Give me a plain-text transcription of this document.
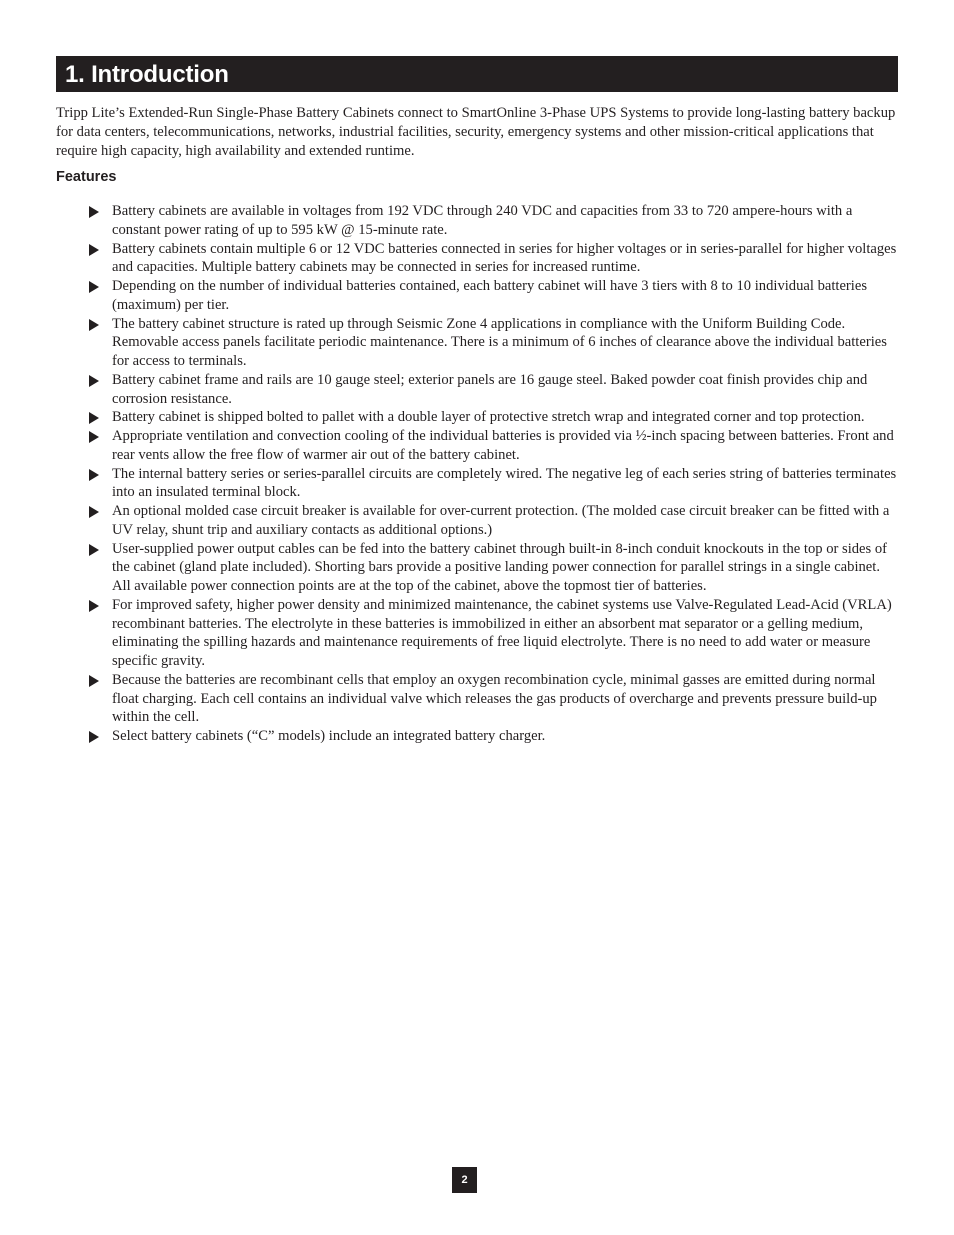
1. Introduction

Tripp Lite’s Extended-Run Single-Phase Battery Cabinets connect to SmartOnline 3-Phase UPS Systems to provide long-lasting battery backup for data centers, telecommunications, networks, industrial facilities, security, emergency systems and other mission-critical applications that require high capacity, high availability and extended runtime.

Features
Battery cabinets are available in voltages from 192 VDC through 240 VDC and capacities from 33 to 720 ampere-hours with a constant power rating of up to 595 kW @ 15-minute rate.
Battery cabinets contain multiple 6 or 12 VDC batteries connected in series for higher voltages or in series-parallel for higher voltages and capacities. Multiple battery cabinets may be connected in series for increased runtime.
Depending on the number of individual batteries contained, each battery cabinet will have 3 tiers with 8 to 10 individual batteries (maximum) per tier.
The battery cabinet structure is rated up through Seismic Zone 4 applications in compliance with the Uniform Building Code. Removable access panels facilitate periodic maintenance. There is a minimum of 6 inches of clearance above the individual batteries for access to terminals.
Battery cabinet frame and rails are 10 gauge steel; exterior panels are 16 gauge steel. Baked powder coat finish provides chip and corrosion resistance.
Battery cabinet is shipped bolted to pallet with a double layer of protective stretch wrap and integrated corner and top protection.
Appropriate ventilation and convection cooling of the individual batteries is provided via ½-inch spacing between batteries. Front and rear vents allow the free flow of warmer air out of the battery cabinet.
The internal battery series or series-parallel circuits are completely wired. The negative leg of each series string of batteries terminates into an insulated terminal block.
An optional molded case circuit breaker is available for over-current protection. (The molded case circuit breaker can be fitted with a UV relay, shunt trip and auxiliary contacts as additional options.)
User-supplied power output cables can be fed into the battery cabinet through built-in 8-inch conduit knockouts in the top or sides of the cabinet (gland plate included). Shorting bars provide a positive landing power connection for parallel strings in a single cabinet. All available power connection points are at the top of the cabinet, above the topmost tier of batteries.
For improved safety, higher power density and minimized maintenance, the cabinet systems use Valve-Regulated Lead-Acid (VRLA) recombinant batteries. The electrolyte in these batteries is immobilized in either an absorbent mat separator or a gelling medium, eliminating the spilling hazards and maintenance requirements of free liquid electrolyte. There is no need to add water or measure specific gravity.
Because the batteries are recombinant cells that employ an oxygen recombination cycle, minimal gasses are emitted during normal float charging. Each cell contains an individual valve which releases the gas products of overcharge and prevents pressure build-up within the cell.
Select battery cabinets (“C” models) include an integrated battery charger.
2
